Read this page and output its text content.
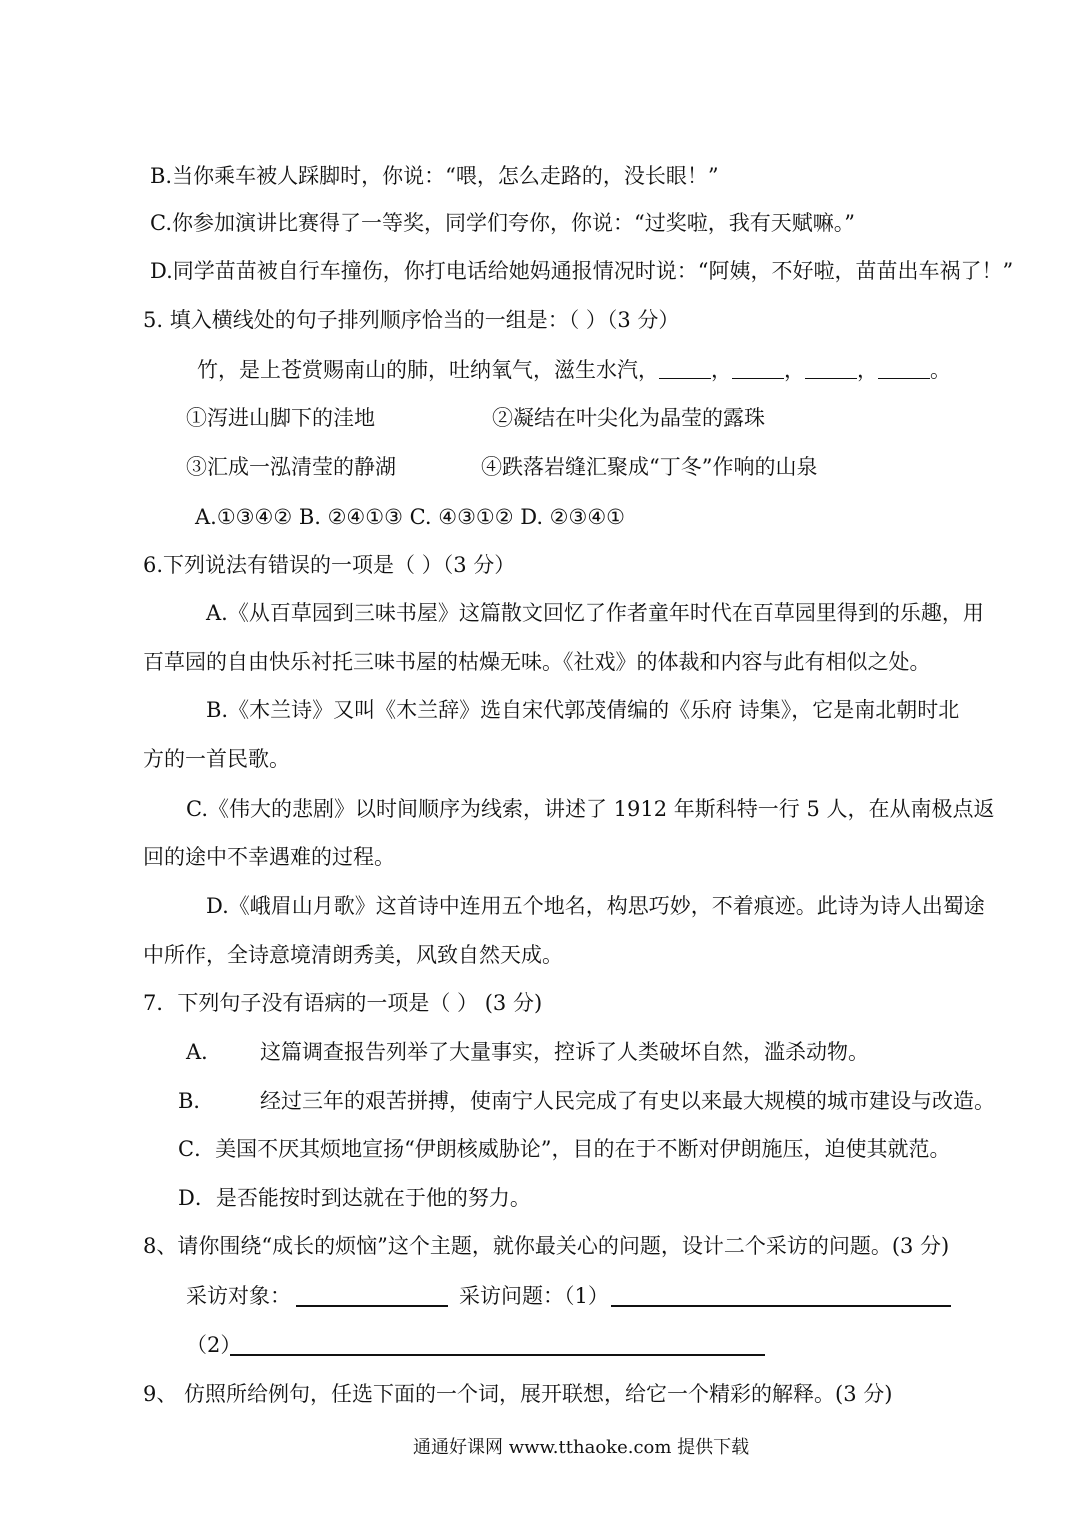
B.当你乘车被人踩脚时，你说：“喂，怎么走路的，没长眼！”
C.你参加演讲比赛得了一等奖，同学们夸你，你说：“过奖啦，我有天赋嘛。”
D.同学苗苗被自行车撞伤，你打电话给她妈通报情况时说：“阿姨，不好啦，苗苗出车祸了！”
5. 填入横线处的句子排列顺序恰当的一组是：（ ）（3 分）
竹，是上苍赏赐南山的肺，吐纳氧气，滋生水汽， ， ， ， 。
①泻进山脚下的洼地	②凝结在叶尖化为晶莹的露珠
③汇成一泓清莹的静湖	④跌落岩缝汇聚成“丁冬”作响的山泉
A.①③④② B. ②④①③ C. ④③①② D. ②③④①
6.下列说法有错误的一项是（ ）（3 分）
A.《从百草园到三味书屋》这篇散文回忆了作者童年时代在百草园里得到的乐趣，用
百草园的自由快乐衬托三味书屋的枯燥无味。《社戏》的体裁和内容与此有相似之处。
B.《木兰诗》又叫《木兰辞》选自宋代郭茂倩编的《乐府 诗集》，它是南北朝时北
方的一首民歌。
C.《伟大的悲剧》以时间顺序为线索，讲述了 1912 年斯科特一行 5 人，在从南极点返
回的途中不幸遇难的过程。
D.《峨眉山月歌》这首诗中连用五个地名，构思巧妙，不着痕迹。此诗为诗人出蜀途
中所作，全诗意境清朗秀美，风致自然天成。
7．下列句子没有语病的一项是（ ） (3 分)
A． 这篇调查报告列举了大量事实，控诉了人类破坏自然，滥杀动物。
B． 经过三年的艰苦拼搏，使南宁人民完成了有史以来最大规模的城市建设与改造。
C．美国不厌其烦地宣扬“伊朗核威胁论”，目的在于不断对伊朗施压，迫使其就范。
D．是否能按时到达就在于他的努力。
8、请你围绕“成长的烦恼”这个主题，就你最关心的问题，设计二个采访的问题。(3 分)
采访对象：	采访问题：（1）
（2）
9、 仿照所给例句，任选下面的一个词，展开联想，给它一个精彩的解释。(3 分)
通通好课网 www.tthaoke.com 提供下载
